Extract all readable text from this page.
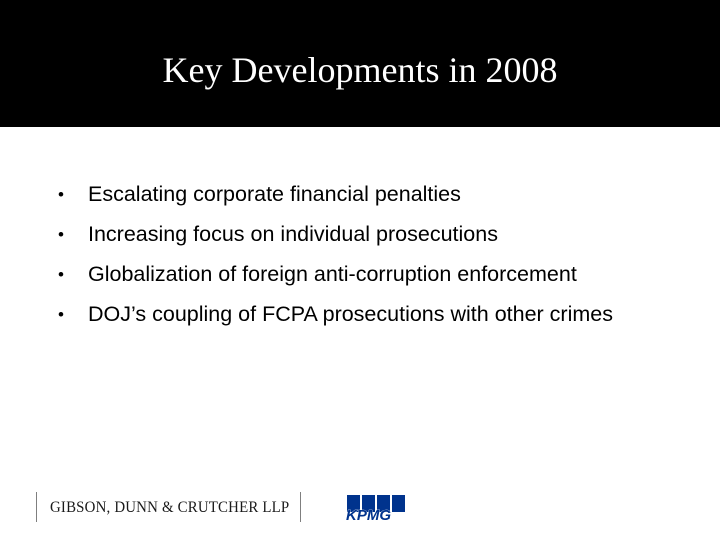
Key Developments in 2008
• Escalating corporate financial penalties
• Increasing focus on individual prosecutions
• Globalization of foreign anti-corruption enforcement
• DOJ’s coupling of FCPA prosecutions with other crimes
GIBSON, DUNN & CRUTCHER LLP	KPMG
